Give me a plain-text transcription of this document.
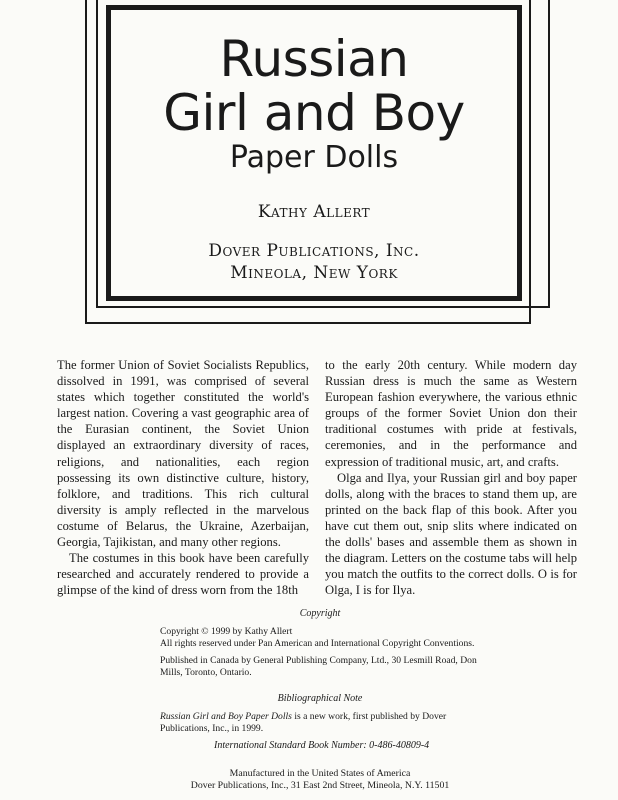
Russian
Girl and Boy
Paper Dolls
Kathy Allert
Dover Publications, Inc.
Mineola, New York

The former Union of Soviet Socialists Republics, dissolved in 1991, was comprised of several states which together constituted the world's largest nation. Covering a vast geographic area of the Eurasian continent, the Soviet Union displayed an extraordinary diversity of races, religions, and nationalities, each region possessing its own distinctive culture, history, folklore, and traditions. This rich cultural diversity is amply reflected in the marvelous costume of Belarus, the Ukraine, Azerbaijan, Georgia, Tajikistan, and many other regions.

The costumes in this book have been carefully researched and accurately rendered to provide a glimpse of the kind of dress worn from the 18th

to the early 20th century. While modern day Russian dress is much the same as Western European fashion everywhere, the various ethnic groups of the former Soviet Union don their traditional costumes with pride at festivals, ceremonies, and in the performance and expression of traditional music, art, and crafts.

Olga and Ilya, your Russian girl and boy paper dolls, along with the braces to stand them up, are printed on the back flap of this book. After you have cut them out, snip slits where indicated on the dolls' bases and assemble them as shown in the diagram. Letters on the costume tabs will help you match the outfits to the correct dolls. O is for Olga, I is for Ilya.

Copyright
Copyright © 1999 by Kathy Allert
All rights reserved under Pan American and International Copyright Conventions.
Published in Canada by General Publishing Company, Ltd., 30 Lesmill Road, Don Mills, Toronto, Ontario.
Bibliographical Note
Russian Girl and Boy Paper Dolls is a new work, first published by Dover Publications, Inc., in 1999.
International Standard Book Number: 0-486-40809-4
Manufactured in the United States of America
Dover Publications, Inc., 31 East 2nd Street, Mineola, N.Y. 11501
